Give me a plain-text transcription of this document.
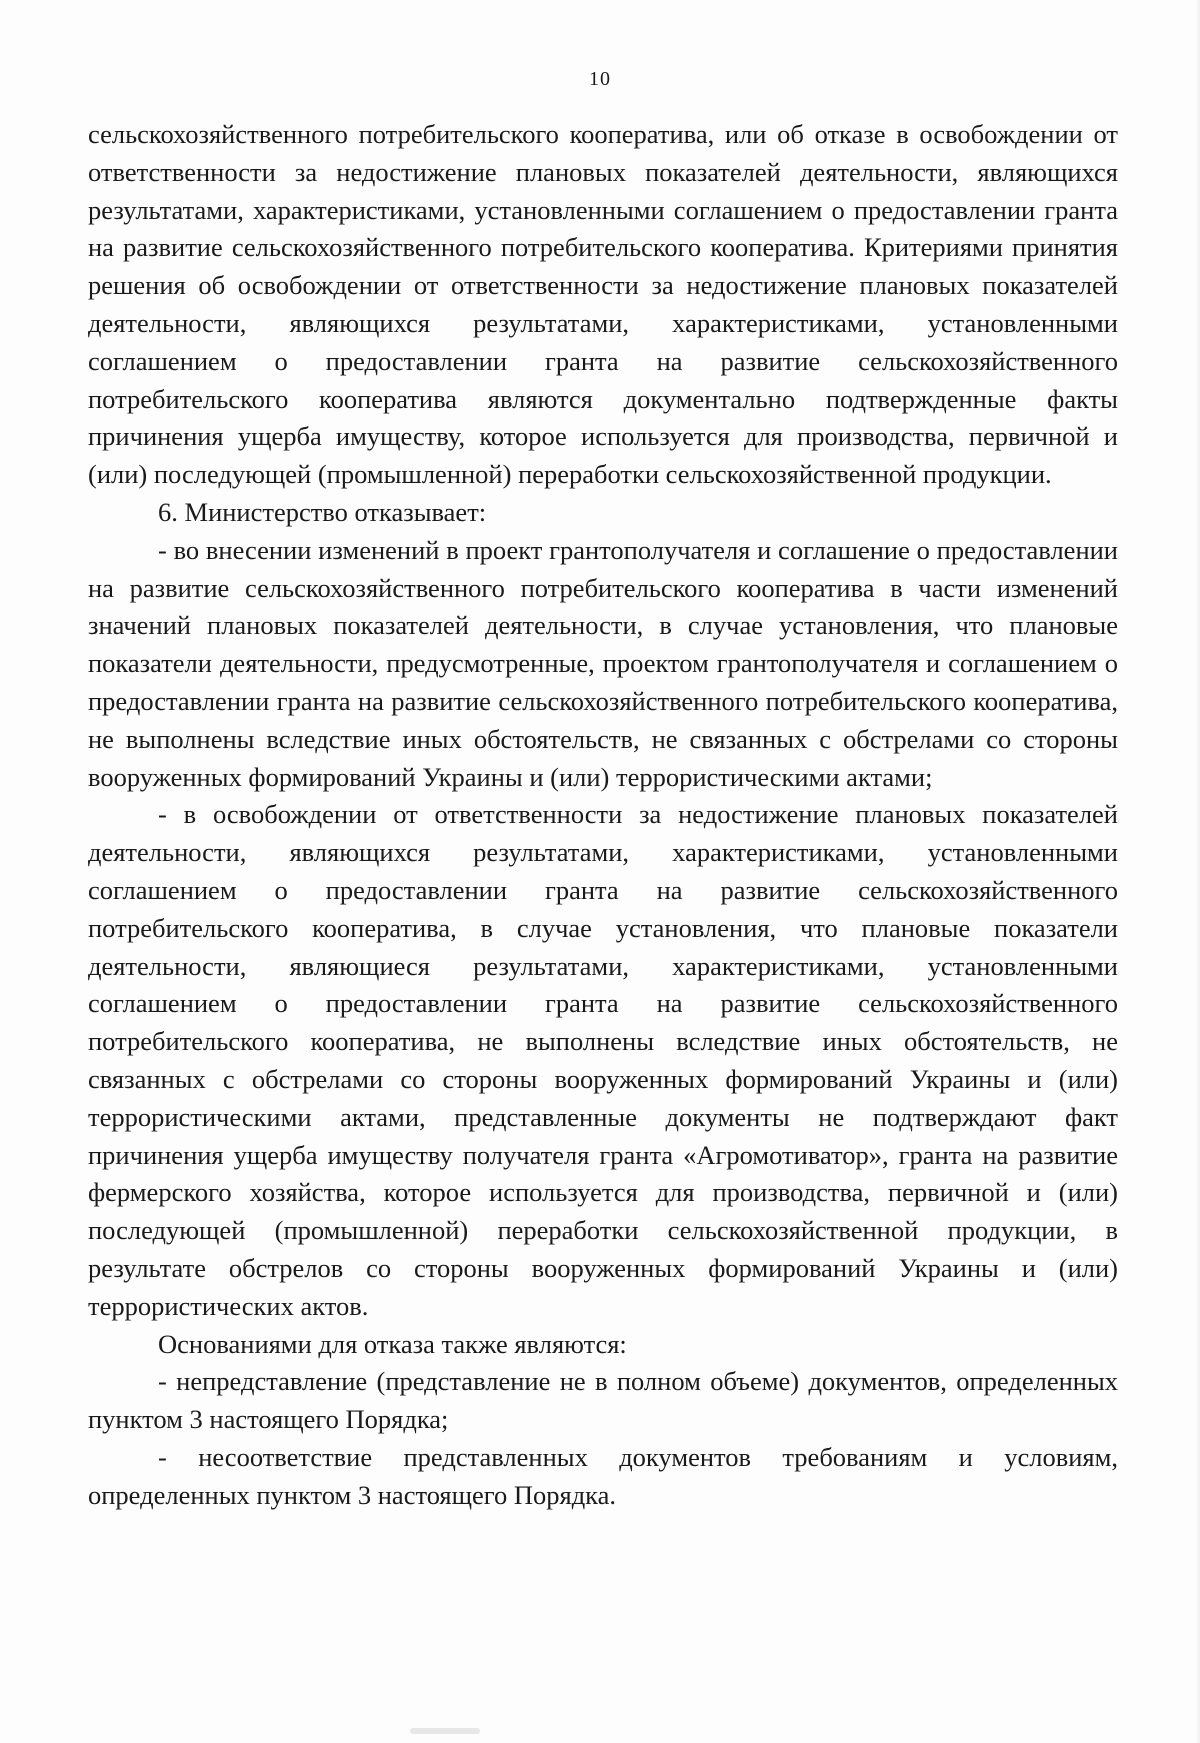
10

сельскохозяйственного потребительского кооператива, или об отказе в освобождении от ответственности за недостижение плановых показателей деятельности, являющихся результатами, характеристиками, установленными соглашением о предоставлении гранта на развитие сельскохозяйственного потребительского кооператива. Критериями принятия решения об освобождении от ответственности за недостижение плановых показателей деятельности, являющихся результатами, характеристиками, установленными соглашением о предоставлении гранта на развитие сельскохозяйственного потребительского кооператива являются документально подтвержденные факты причинения ущерба имуществу, которое используется для производства, первичной и (или) последующей (промышленной) переработки сельскохозяйственной продукции.

6. Министерство отказывает:

- во внесении изменений в проект грантополучателя и соглашение о предоставлении на развитие сельскохозяйственного потребительского кооператива в части изменений значений плановых показателей деятельности, в случае установления, что плановые показатели деятельности, предусмотренные, проектом грантополучателя и соглашением о предоставлении гранта на развитие сельскохозяйственного потребительского кооператива, не выполнены вследствие иных обстоятельств, не связанных с обстрелами со стороны вооруженных формирований Украины и (или) террористическими актами;

- в освобождении от ответственности за недостижение плановых показателей деятельности, являющихся результатами, характеристиками, установленными соглашением о предоставлении гранта на развитие сельскохозяйственного потребительского кооператива, в случае установления, что плановые показатели деятельности, являющиеся результатами, характеристиками, установленными соглашением о предоставлении гранта на развитие сельскохозяйственного потребительского кооператива, не выполнены вследствие иных обстоятельств, не связанных с обстрелами со стороны вооруженных формирований Украины и (или) террористическими актами, представленные документы не подтверждают факт причинения ущерба имуществу получателя гранта «Агромотиватор», гранта на развитие фермерского хозяйства, которое используется для производства, первичной и (или) последующей (промышленной) переработки сельскохозяйственной продукции, в результате обстрелов со стороны вооруженных формирований Украины и (или) террористических актов.

Основаниями для отказа также являются:

- непредставление (представление не в полном объеме) документов, определенных пунктом 3 настоящего Порядка;

- несоответствие представленных документов требованиям и условиям, определенных пунктом 3 настоящего Порядка.
